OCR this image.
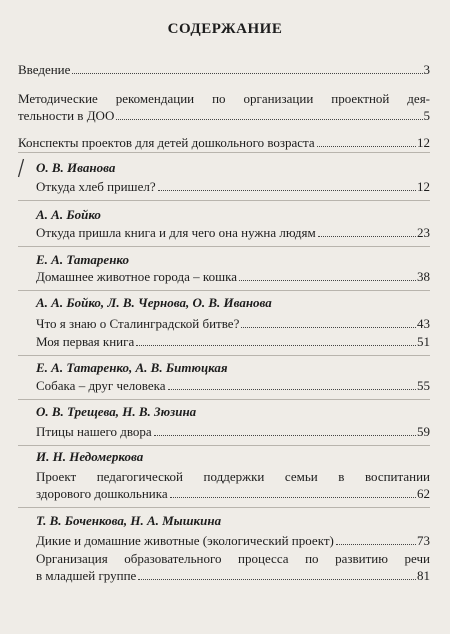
СОДЕРЖАНИЕ
Введение	3
Методические рекомендации по организации проектной дея-
тельности в ДОО	5
Конспекты проектов для детей дошкольного возраста	12
О. В. Иванова
Откуда хлеб пришел?	12
А. А. Бойко
Откуда пришла книга и для чего она нужна людям	23
Е. А. Татаренко
Домашнее животное города – кошка	38
А. А. Бойко, Л. В. Чернова, О. В. Иванова
Что я знаю о Сталинградской битве?	43
Моя первая книга	51
Е. А. Татаренко, А. В. Битюцкая
Собака – друг человека	55
О. В. Трещева, Н. В. Зюзина
Птицы нашего двора	59
И. Н. Недомеркова
Проект педагогической поддержки семьи в воспитании
здорового дошкольника	62
Т. В. Боченкова, Н. А. Мышкина
Дикие и домашние животные (экологический проект)	73
Организация образовательного процесса по развитию речи
в младшей группе	81
